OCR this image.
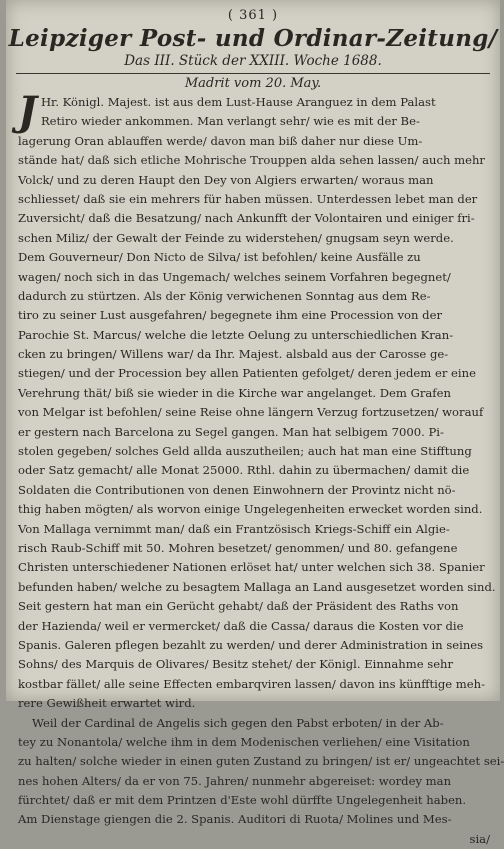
( 361 )
Leipziger Post- und Ordinar-Zeitung/
Das III. Stück der XXIII. Woche 1688.
Madrit vom 20. May.
J Hr. Königl. Majest. ist aus dem Lust-Hause Aranguez in dem Palast
Retiro wieder ankommen. Man verlangt sehr/ wie es mit der Be-
lagerung Oran ablauffen werde/ davon man biß daher nur diese Um-
stände hat/ daß sich etliche Mohrische Trouppen alda sehen lassen/ auch mehr
Volck/ und zu deren Haupt den Dey von Algiers erwarten/ woraus man
schliesset/ daß sie ein mehrers für haben müssen. Unterdessen lebet man der
Zuversicht/ daß die Besatzung/ nach Ankunfft der Volontairen und einiger fri-
schen Miliz/ der Gewalt der Feinde zu widerstehen/ gnugsam seyn werde.
Dem Gouverneur/ Don Nicto de Silva/ ist befohlen/ keine Ausfälle zu
wagen/ noch sich in das Ungemach/ welches seinem Vorfahren begegnet/
dadurch zu stürtzen. Als der König verwichenen Sonntag aus dem Re-
tiro zu seiner Lust ausgefahren/ begegnete ihm eine Procession von der
Parochie St. Marcus/ welche die letzte Oelung zu unterschiedlichen Kran-
cken zu bringen/ Willens war/ da Ihr. Majest. alsbald aus der Carosse ge-
stiegen/ und der Procession bey allen Patienten gefolget/ deren jedem er eine
Verehrung thät/ biß sie wieder in die Kirche war angelanget. Dem Grafen
von Melgar ist befohlen/ seine Reise ohne längern Verzug fortzusetzen/ worauf
er gestern nach Barcelona zu Segel gangen. Man hat selbigem 7000. Pi-
stolen gegeben/ solches Geld allda auszutheilen; auch hat man eine Stifftung
oder Satz gemacht/ alle Monat 25000. Rthl. dahin zu übermachen/ damit die
Soldaten die Contributionen von denen Einwohnern der Provintz nicht nö-
thig haben mögten/ als worvon einige Ungelegenheiten erwecket worden sind.
Von Mallaga vernimmt man/ daß ein Frantzösisch Kriegs-Schiff ein Algie-
risch Raub-Schiff mit 50. Mohren besetzet/ genommen/ und 80. gefangene
Christen unterschiedener Nationen erlöset hat/ unter welchen sich 38. Spanier
befunden haben/ welche zu besagtem Mallaga an Land ausgesetzet worden sind.
Seit gestern hat man ein Gerücht gehabt/ daß der Präsident des Raths von
der Hazienda/ weil er vermercket/ daß die Cassa/ daraus die Kosten vor die
Spanis. Galeren pflegen bezahlt zu werden/ und derer Administration in seines
Sohns/ des Marquis de Olivares/ Besitz stehet/ der Königl. Einnahme sehr
kostbar fället/ alle seine Effecten embarqviren lassen/ davon ins künfftige meh-
rere Gewißheit erwartet wird.
Weil der Cardinal de Angelis sich gegen den Pabst erboten/ in der Ab-
tey zu Nonantola/ welche ihm in dem Modenischen verliehen/ eine Visitation
zu halten/ solche wieder in einen guten Zustand zu bringen/ ist er/ ungeachtet sei-
nes hohen Alters/ da er von 75. Jahren/ nunmehr abgereiset: wordey man
fürchtet/ daß er mit dem Printzen d'Este wohl dürffte Ungelegenheit haben.
Am Dienstage giengen die 2. Spanis. Auditori di Ruota/ Molines und Mes-
sia/
